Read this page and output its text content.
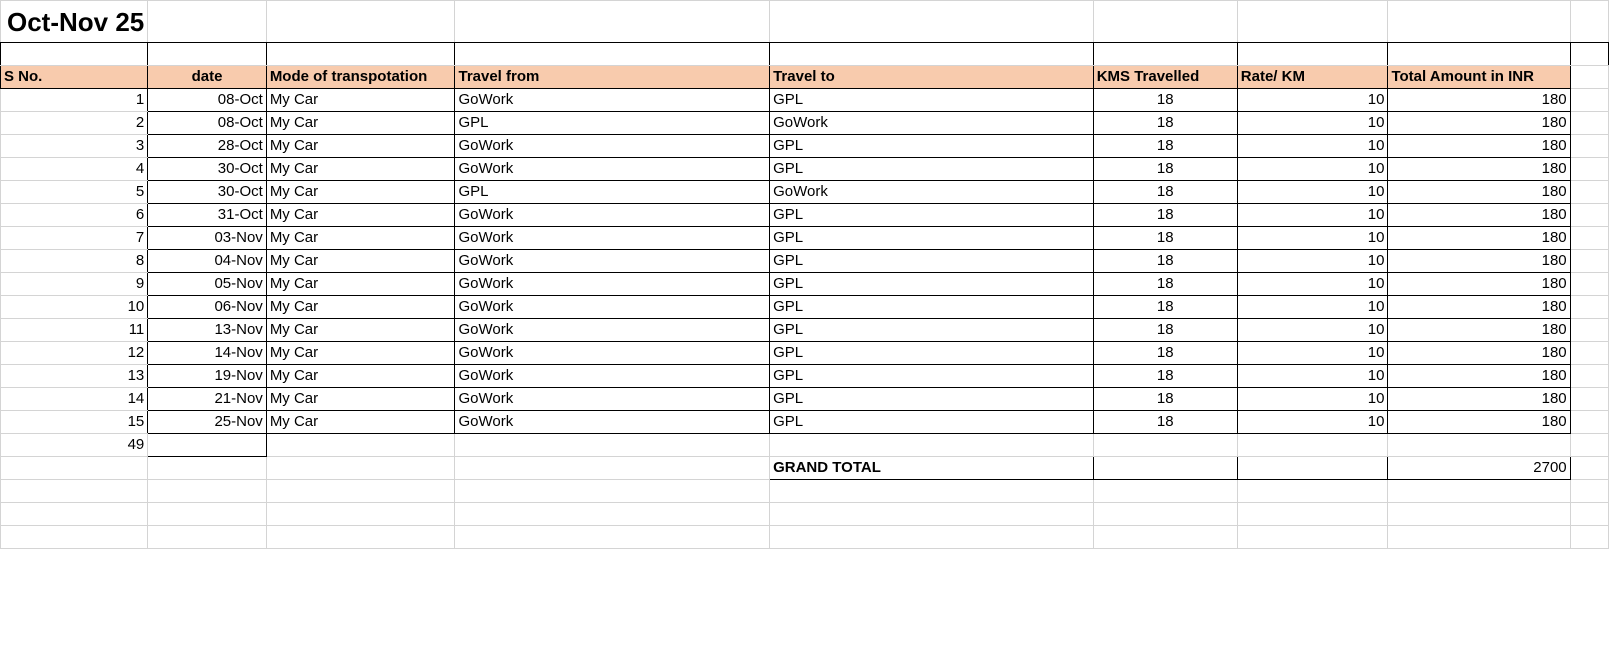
Oct-Nov 25								

S No.	date	Mode of transpotation	Travel from	Travel to	KMS Travelled	Rate/ KM	Total Amount in INR	
1	08-Oct	My Car	GoWork	GPL	18	10	180	
2	08-Oct	My Car	GPL	GoWork	18	10	180	
3	28-Oct	My Car	GoWork	GPL	18	10	180	
4	30-Oct	My Car	GoWork	GPL	18	10	180	
5	30-Oct	My Car	GPL	GoWork	18	10	180	
6	31-Oct	My Car	GoWork	GPL	18	10	180	
7	03-Nov	My Car	GoWork	GPL	18	10	180	
8	04-Nov	My Car	GoWork	GPL	18	10	180	
9	05-Nov	My Car	GoWork	GPL	18	10	180	
10	06-Nov	My Car	GoWork	GPL	18	10	180	
11	13-Nov	My Car	GoWork	GPL	18	10	180	
12	14-Nov	My Car	GoWork	GPL	18	10	180	
13	19-Nov	My Car	GoWork	GPL	18	10	180	
14	21-Nov	My Car	GoWork	GPL	18	10	180	
15	25-Nov	My Car	GoWork	GPL	18	10	180	
49								
				GRAND TOTAL			2700	
